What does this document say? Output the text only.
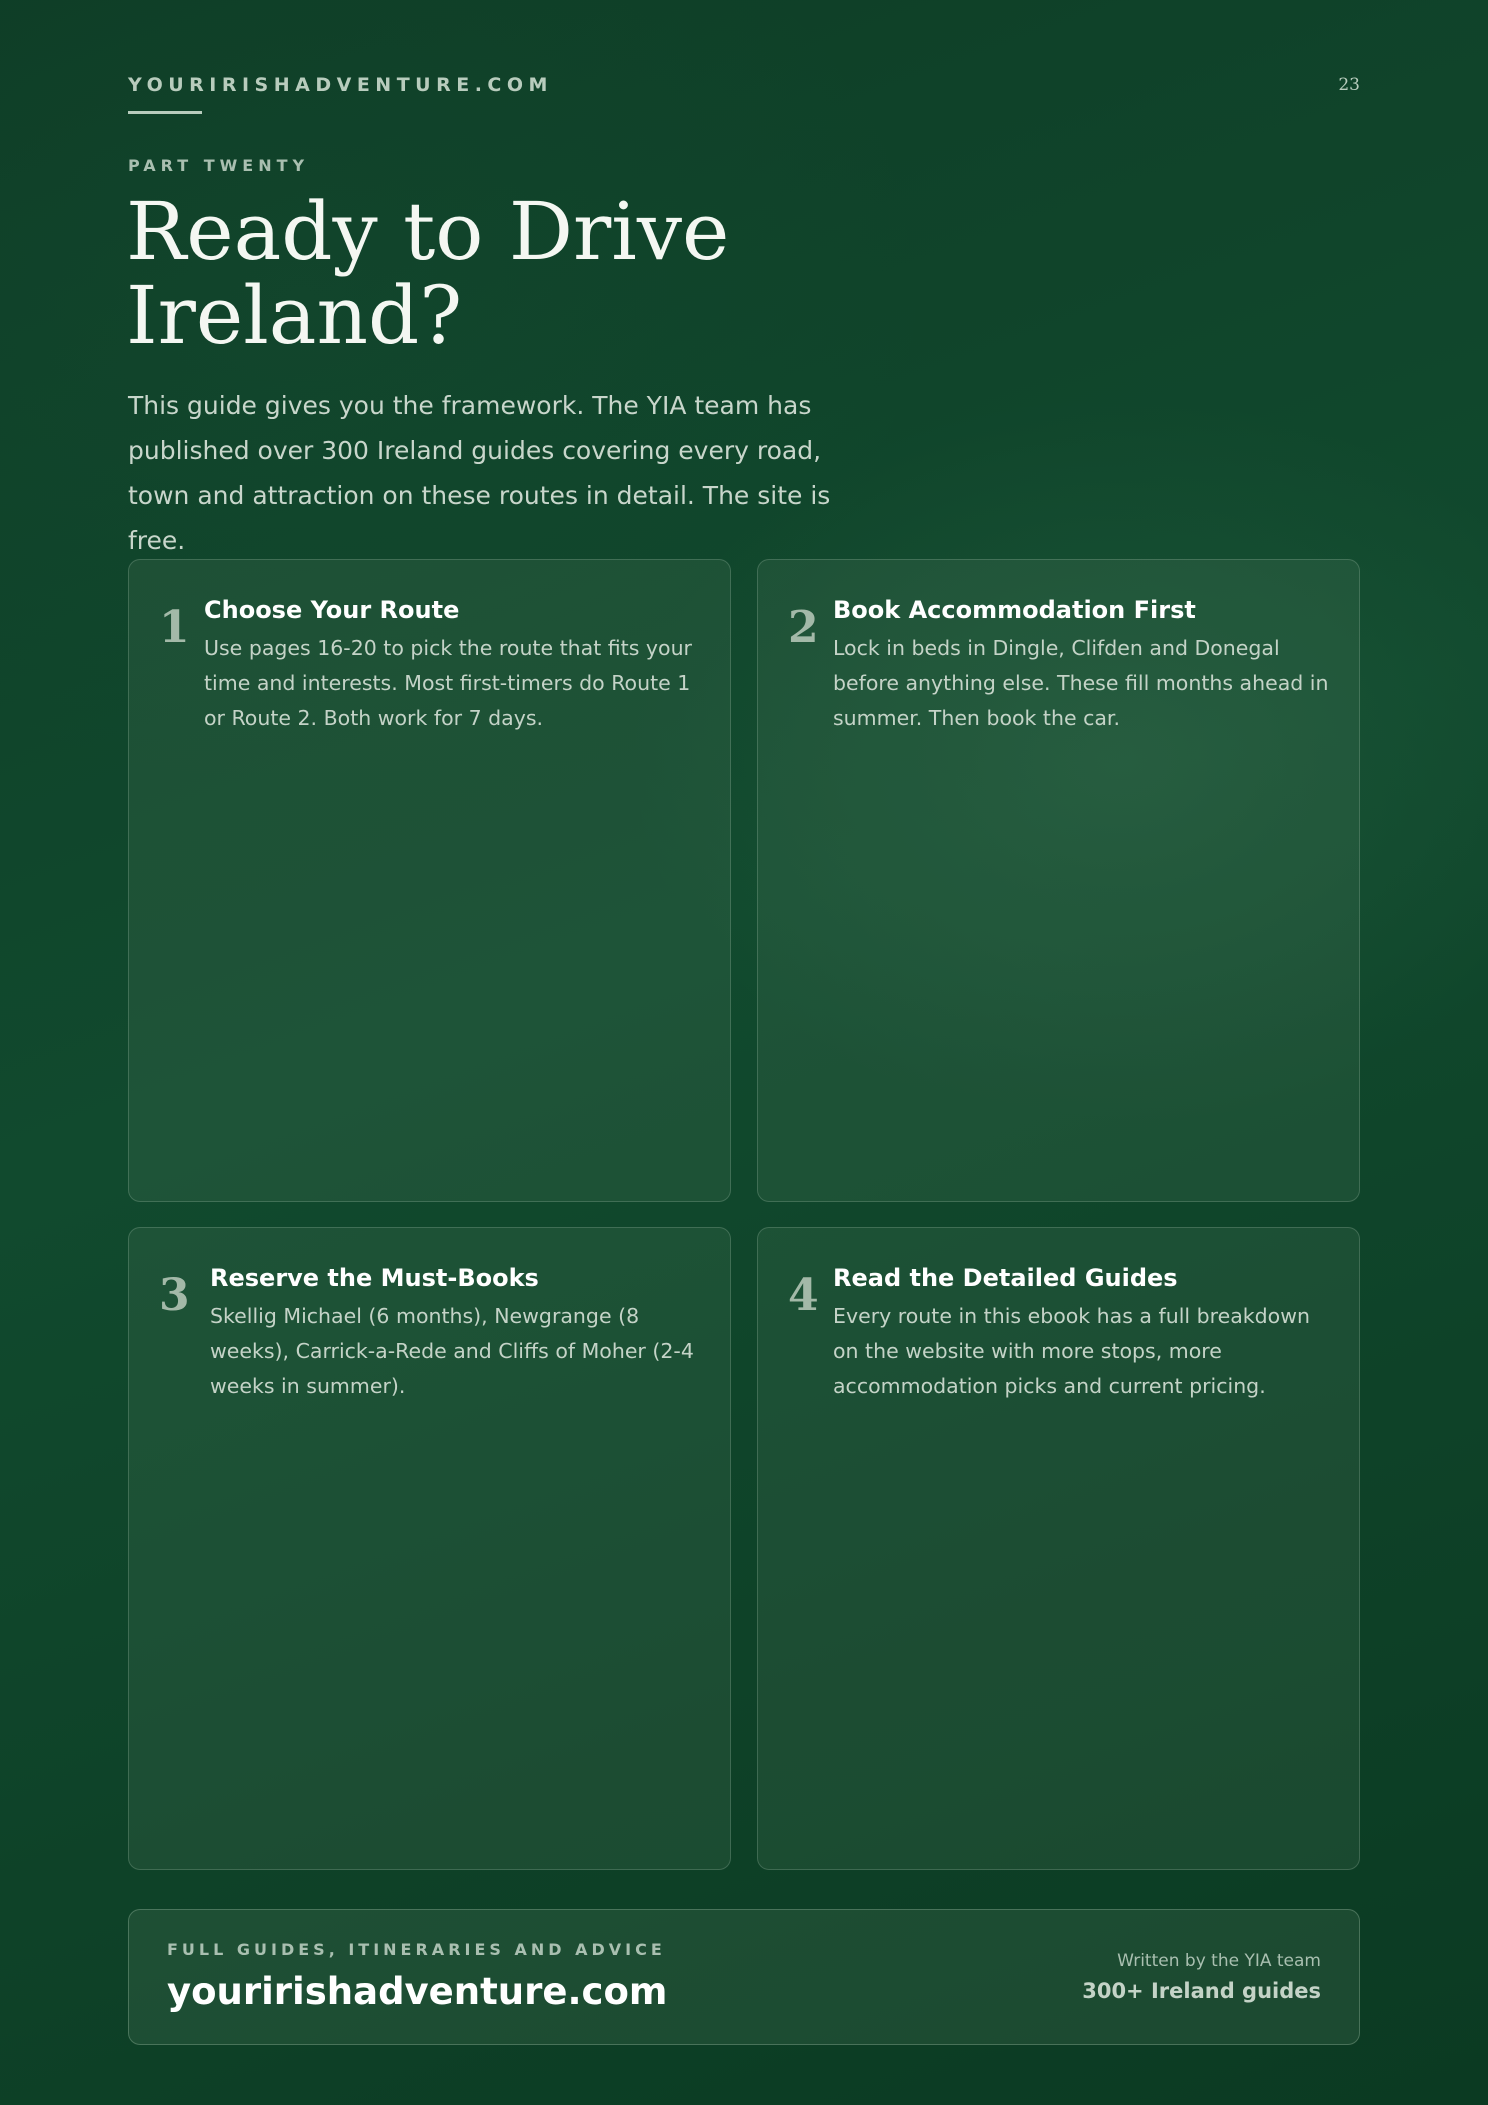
YOURIRISHADVENTURE.COM	23
PART TWENTY
Ready to Drive Ireland?

This guide gives you the framework. The YIA team has published over 300 Ireland guides covering every road, town and attraction on these routes in detail. The site is free.

1 Choose Your Route

Use pages 16-20 to pick the route that fits your time and interests. Most first-timers do Route 1 or Route 2. Both work for 7 days.

2 Book Accommodation First

Lock in beds in Dingle, Clifden and Donegal before anything else. These fill months ahead in summer. Then book the car.

3 Reserve the Must-Books

Skellig Michael (6 months), Newgrange (8 weeks), Carrick-a-Rede and Cliffs of Moher (2-4 weeks in summer).

4 Read the Detailed Guides

Every route in this ebook has a full breakdown on the website with more stops, more accommodation picks and current pricing.

FULL GUIDES, ITINERARIES AND ADVICE
youririshadventure.com
Written by the YIA team
300+ Ireland guides
